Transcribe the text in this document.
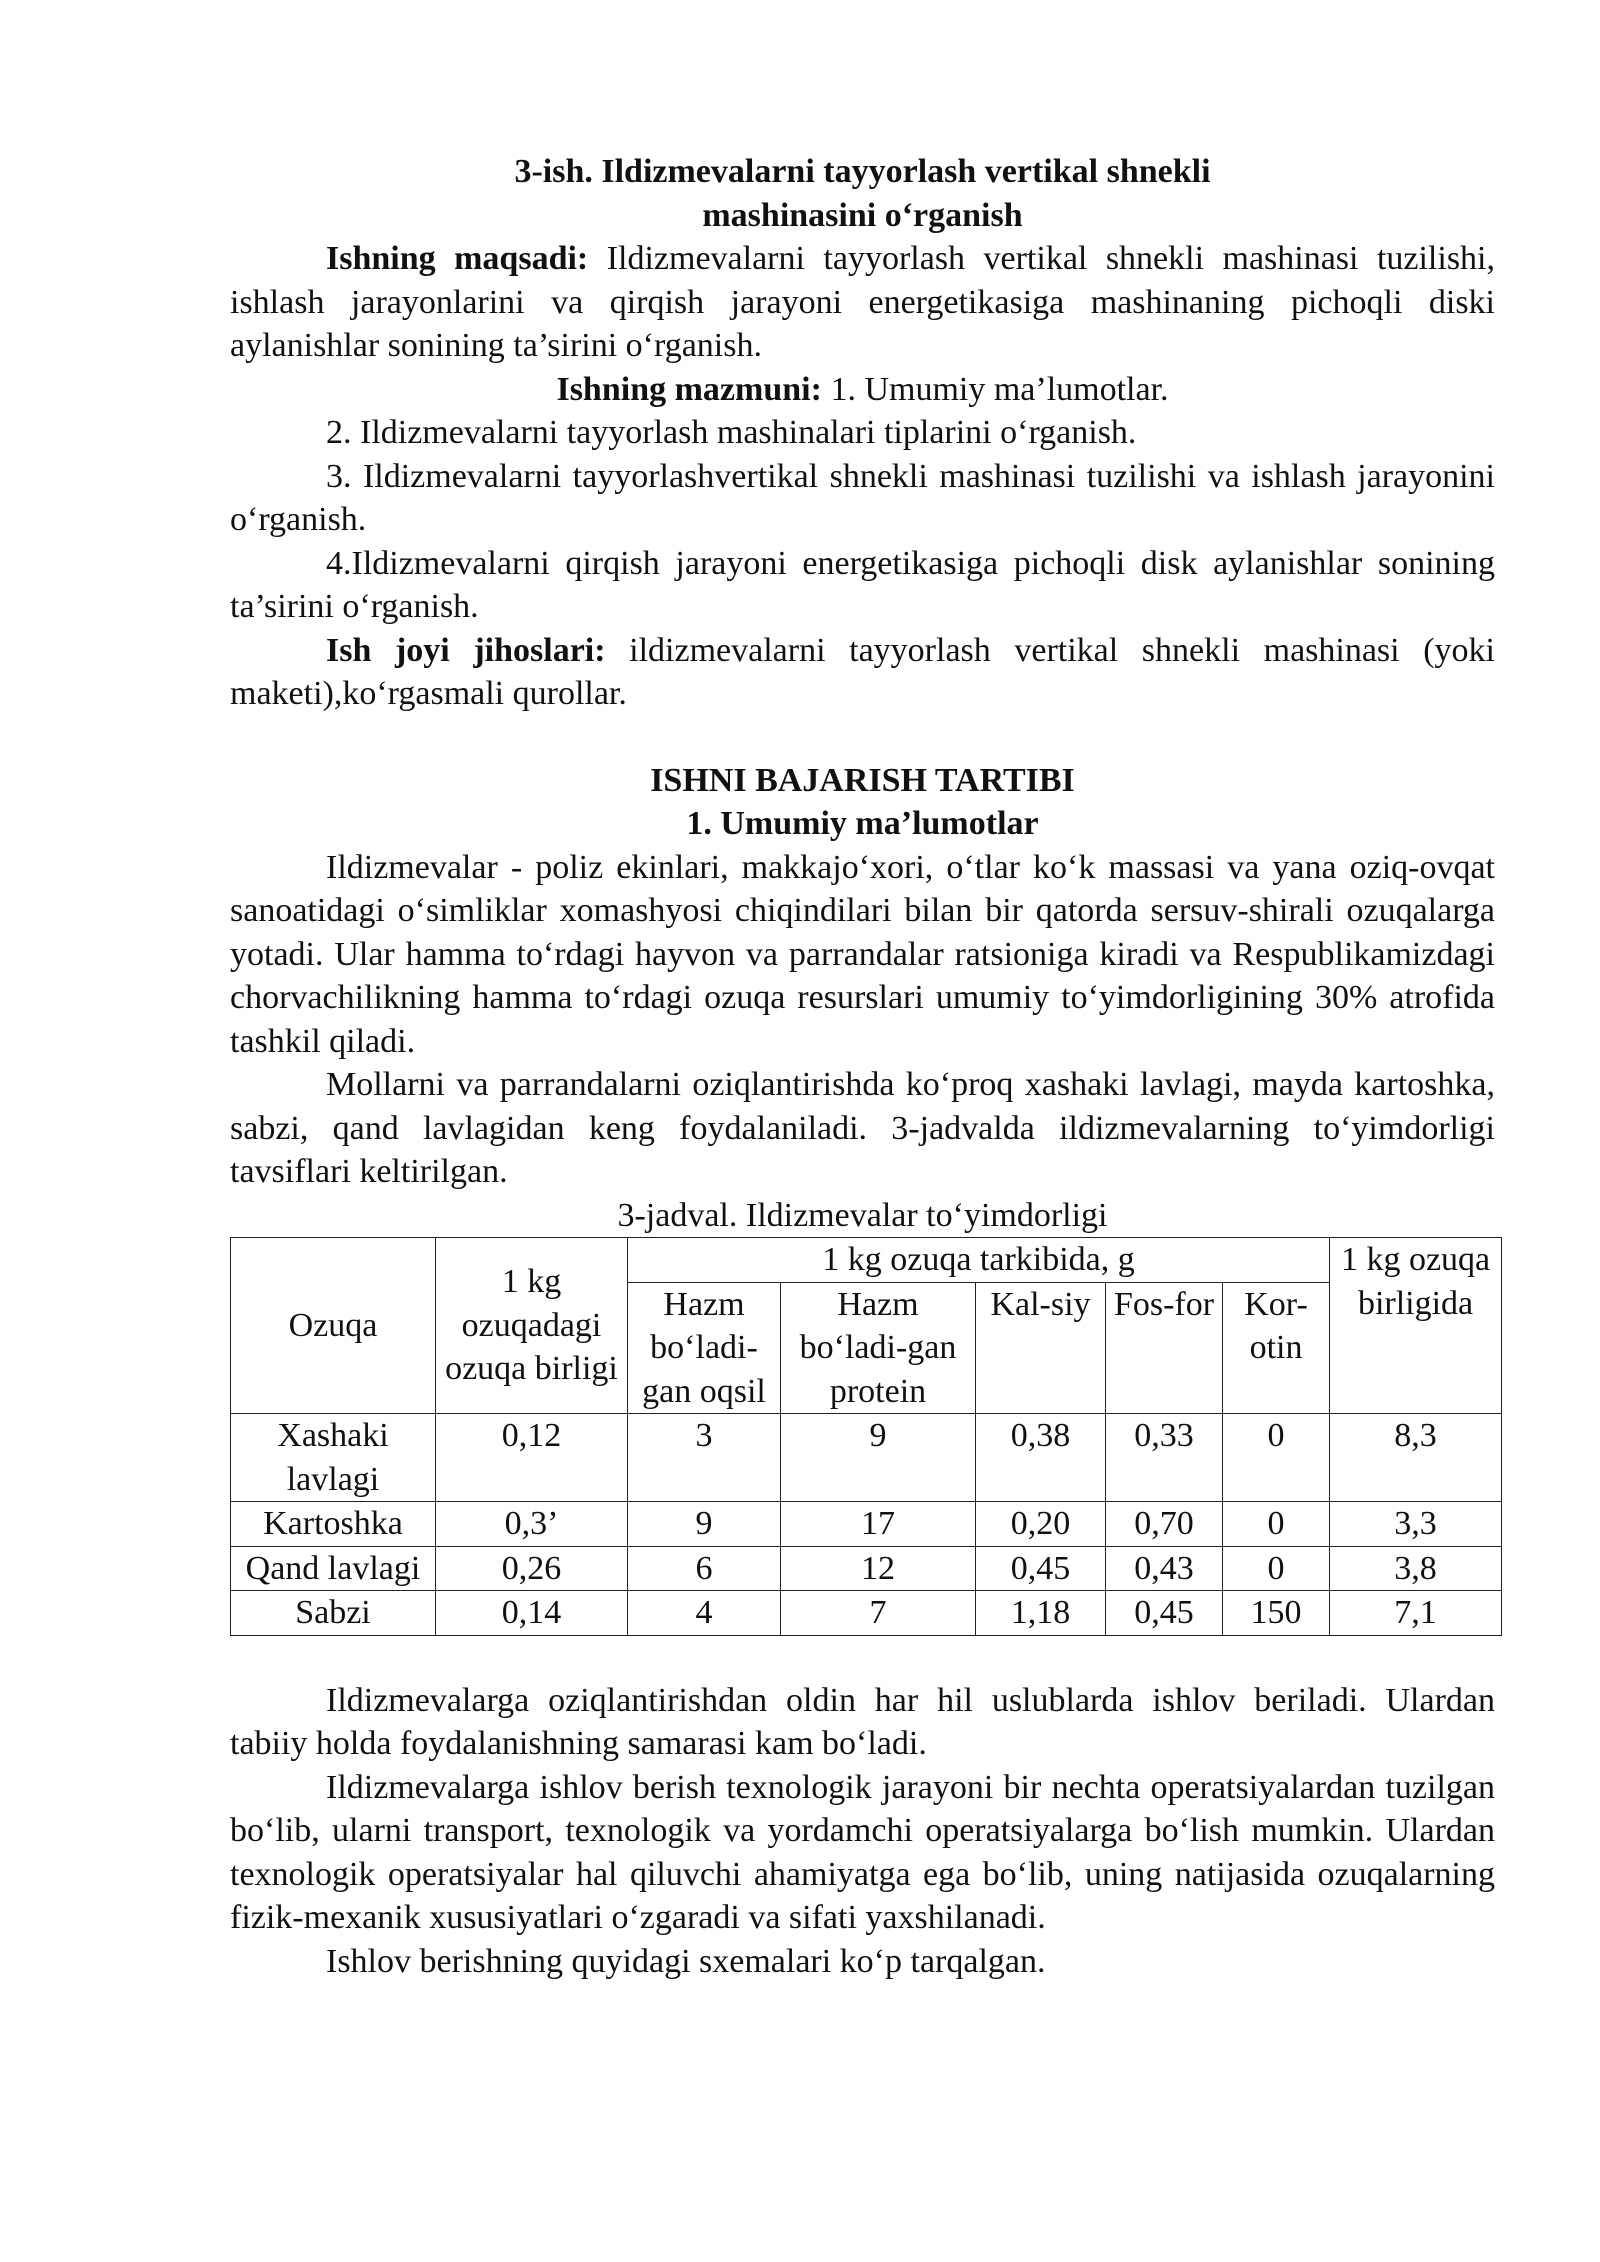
3-ish. Ildizmevalarni tayyorlash vertikal shnekli

mashinasini o‘rganish

Ishning maqsadi: Ildizmevalarni tayyorlash vertikal shnekli mashinasi tuzilishi, ishlash jarayonlarini va qirqish jarayoni energetikasiga mashinaning pichoqli diski aylanishlar sonining ta’sirini o‘rganish.

Ishning mazmuni: 1. Umumiy ma’lumotlar.

2. Ildizmevalarni tayyorlash mashinalari tiplarini o‘rganish.

3. Ildizmevalarni tayyorlashvertikal shnekli mashinasi tuzilishi va ishlash jarayonini o‘rganish.

4.Ildizmevalarni qirqish jarayoni energetikasiga pichoqli disk aylanishlar sonining ta’sirini o‘rganish.

Ish joyi jihoslari: ildizmevalarni tayyorlash vertikal shnekli mashinasi (yoki maketi),ko‘rgasmali qurollar.

ISHNI BAJARISH TARTIBI

1. Umumiy ma’lumotlar

Ildizmevalar - poliz ekinlari, makkajo‘xori, o‘tlar ko‘k massasi va yana oziq-ovqat sanoatidagi o‘simliklar xomashyosi chiqindilari bilan bir qatorda sersuv-shirali ozuqalarga yotadi. Ular hamma to‘rdagi hayvon va parrandalar ratsioniga kiradi va Respublikamizdagi chorvachilikning hamma to‘rdagi ozuqa resurslari umumiy to‘yimdorligining 30% atrofida tashkil qiladi.

Mollarni va parrandalarni oziqlantirishda ko‘proq xashaki lavlagi, mayda kartoshka, sabzi, qand lavlagidan keng foydalaniladi. 3-jadvalda ildizmevalarning to‘yimdorligi tavsiflari keltirilgan.

3-jadval. Ildizmevalar to‘yimdorligi

Ozuqa	1 kg ozuqadagi ozuqa birligi	1 kg ozuqa tarkibida, g					1 kg ozuqa birligida
		Hazm bo‘ladi-gan oqsil	Hazm bo‘ladi-gan protein	Kal-siy	Fos-for	Kor-otin	
Xashaki lavlagi	0,12	3	9	0,38	0,33	0	8,3
Kartoshka	0,3’	9	17	0,20	0,70	0	3,3
Qand lavlagi	0,26	6	12	0,45	0,43	0	3,8
Sabzi	0,14	4	7	1,18	0,45	150	7,1

Ildizmevalarga oziqlantirishdan oldin har hil uslublarda ishlov beriladi. Ulardan tabiiy holda foydalanishning samarasi kam bo‘ladi.

Ildizmevalarga ishlov berish texnologik jarayoni bir nechta operatsiyalardan tuzilgan bo‘lib, ularni transport, texnologik va yordamchi operatsiyalarga bo‘lish mumkin. Ulardan texnologik operatsiyalar hal qiluvchi ahamiyatga ega bo‘lib, uning natijasida ozuqalarning fizik-mexanik xususiyatlari o‘zgaradi va sifati yaxshilanadi.

Ishlov berishning quyidagi sxemalari ko‘p tarqalgan.
